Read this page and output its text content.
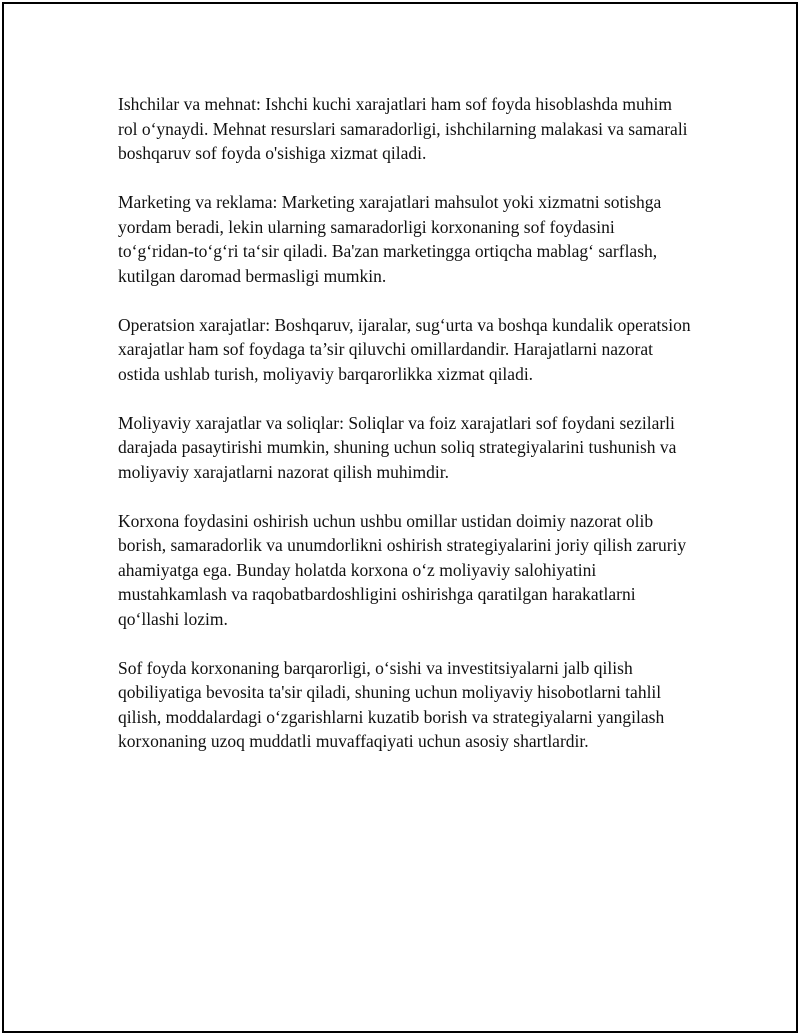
Ishchilar va mehnat: Ishchi kuchi xarajatlari ham sof foyda hisoblashda muhim rol o‘ynaydi. Mehnat resurslari samaradorligi, ishchilarning malakasi va samarali boshqaruv sof foyda o'sishiga xizmat qiladi.

Marketing va reklama: Marketing xarajatlari mahsulot yoki xizmatni sotishga yordam beradi, lekin ularning samaradorligi korxonaning sof foydasini to‘g‘ridan-to‘g‘ri ta‘sir qiladi. Ba'zan marketingga ortiqcha mablag‘ sarflash, kutilgan daromad bermasligi mumkin.

Operatsion xarajatlar: Boshqaruv, ijaralar, sug‘urta va boshqa kundalik operatsion xarajatlar ham sof foydaga ta’sir qiluvchi omillardandir. Harajatlarni nazorat ostida ushlab turish, moliyaviy barqarorlikka xizmat qiladi.

Moliyaviy xarajatlar va soliqlar: Soliqlar va foiz xarajatlari sof foydani sezilarli darajada pasaytirishi mumkin, shuning uchun soliq strategiyalarini tushunish va moliyaviy xarajatlarni nazorat qilish muhimdir.

Korxona foydasini oshirish uchun ushbu omillar ustidan doimiy nazorat olib borish, samaradorlik va unumdorlikni oshirish strategiyalarini joriy qilish zaruriy ahamiyatga ega. Bunday holatda korxona o‘z moliyaviy salohiyatini mustahkamlash va raqobatbardoshligini oshirishga qaratilgan harakatlarni qo‘llashi lozim.

Sof foyda korxonaning barqarorligi, o‘sishi va investitsiyalarni jalb qilish qobiliyatiga bevosita ta'sir qiladi, shuning uchun moliyaviy hisobotlarni tahlil qilish, moddalardagi o‘zgarishlarni kuzatib borish va strategiyalarni yangilash korxonaning uzoq muddatli muvaffaqiyati uchun asosiy shartlardir.
